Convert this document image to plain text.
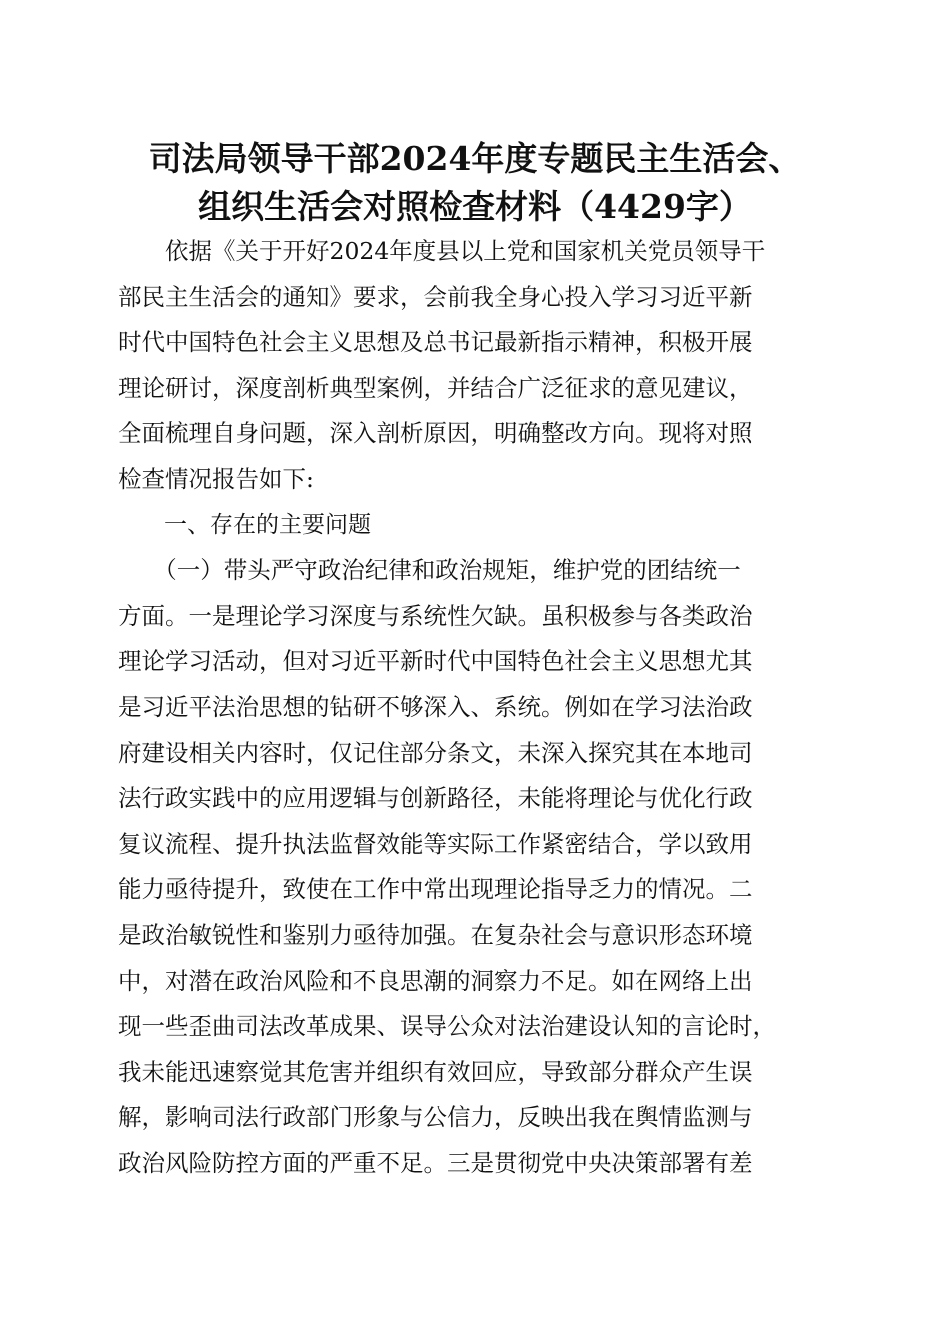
司法局领导干部2024年度专题民主生活会、
组织生活会对照检查材料（4429字）
　　依据《关于开好2024年度县以上党和国家机关党员领导干
部民主生活会的通知》要求，会前我全身心投入学习习近平新
时代中国特色社会主义思想及总书记最新指示精神，积极开展
理论研讨，深度剖析典型案例，并结合广泛征求的意见建议，
全面梳理自身问题，深入剖析原因，明确整改方向。现将对照
检查情况报告如下:
　　一、存在的主要问题
　　（一）带头严守政治纪律和政治规矩，维护党的团结统一
方面。一是理论学习深度与系统性欠缺。虽积极参与各类政治
理论学习活动，但对习近平新时代中国特色社会主义思想尤其
是习近平法治思想的钻研不够深入、系统。例如在学习法治政
府建设相关内容时，仅记住部分条文，未深入探究其在本地司
法行政实践中的应用逻辑与创新路径，未能将理论与优化行政
复议流程、提升执法监督效能等实际工作紧密结合，学以致用
能力亟待提升，致使在工作中常出现理论指导乏力的情况。二
是政治敏锐性和鉴别力亟待加强。在复杂社会与意识形态环境
中，对潜在政治风险和不良思潮的洞察力不足。如在网络上出
现一些歪曲司法改革成果、误导公众对法治建设认知的言论时，
我未能迅速察觉其危害并组织有效回应，导致部分群众产生误
解，影响司法行政部门形象与公信力，反映出我在舆情监测与
政治风险防控方面的严重不足。三是贯彻党中央决策部署有差
